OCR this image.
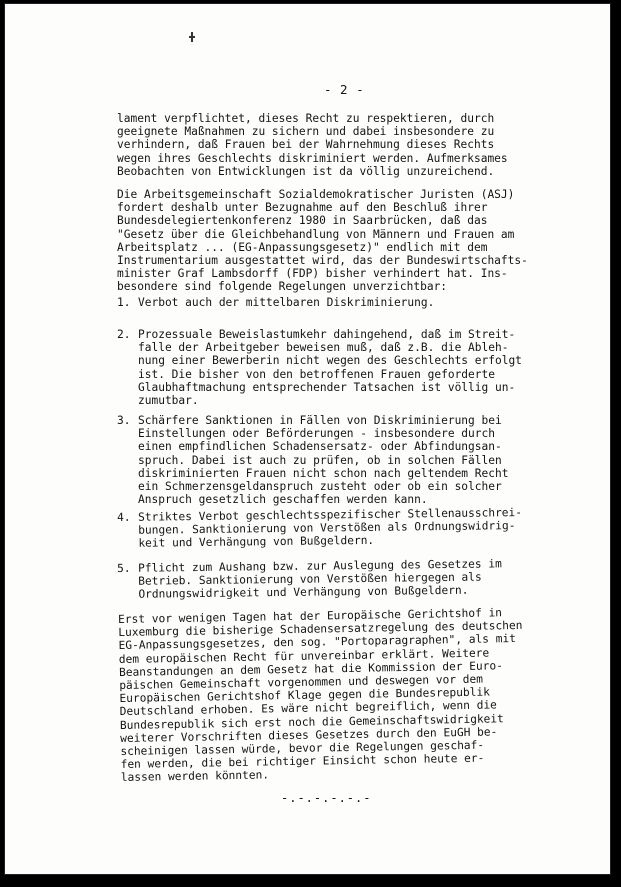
- 2 -

lament verpflichtet, dieses Recht zu respektieren, durch
geeignete Maßnahmen zu sichern und dabei insbesondere zu
verhindern, daß Frauen bei der Wahrnehmung dieses Rechts
wegen ihres Geschlechts diskriminiert werden. Aufmerksames
Beobachten von Entwicklungen ist da völlig unzureichend.

Die Arbeitsgemeinschaft Sozialdemokratischer Juristen (ASJ)
fordert deshalb unter Bezugnahme auf den Beschluß ihrer
Bundesdelegiertenkonferenz 1980 in Saarbrücken, daß das
"Gesetz über die Gleichbehandlung von Männern und Frauen am
Arbeitsplatz ... (EG-Anpassungsgesetz)" endlich mit dem
Instrumentarium ausgestattet wird, das der Bundeswirtschafts-
minister Graf Lambsdorff (FDP) bisher verhindert hat. Ins-
besondere sind folgende Regelungen unverzichtbar:

1.

Verbot auch der mittelbaren Diskriminierung.

2.

Prozessuale Beweislastumkehr dahingehend, daß im Streit-
falle der Arbeitgeber beweisen muß, daß z.B. die Ableh-
nung einer Bewerberin nicht wegen des Geschlechts erfolgt
ist. Die bisher von den betroffenen Frauen geforderte
Glaubhaftmachung entsprechender Tatsachen ist völlig un-
zumutbar.

3.

Schärfere Sanktionen in Fällen von Diskriminierung bei
Einstellungen oder Beförderungen - insbesondere durch
einen empfindlichen Schadensersatz- oder Abfindungsan-
spruch. Dabei ist auch zu prüfen, ob in solchen Fällen
diskriminierten Frauen nicht schon nach geltendem Recht
ein Schmerzensgeldanspruch zusteht oder ob ein solcher
Anspruch gesetzlich geschaffen werden kann.

4.

Striktes Verbot geschlechtsspezifischer Stellenausschrei-
bungen. Sanktionierung von Verstößen als Ordnungswidrig-
keit und Verhängung von Bußgeldern.

5.

Pflicht zum Aushang bzw. zur Auslegung des Gesetzes im
Betrieb. Sanktionierung von Verstößen hiergegen als
Ordnungswidrigkeit und Verhängung von Bußgeldern.

Erst vor wenigen Tagen hat der Europäische Gerichtshof in
Luxemburg die bisherige Schadensersatzregelung des deutschen
EG-Anpassungsgesetzes, den sog. "Portoparagraphen", als mit
dem europäischen Recht für unvereinbar erklärt. Weitere
Beanstandungen an dem Gesetz hat die Kommission der Euro-
päischen Gemeinschaft vorgenommen und deswegen vor dem
Europäischen Gerichtshof Klage gegen die Bundesrepublik
Deutschland erhoben. Es wäre nicht begreiflich, wenn die
Bundesrepublik sich erst noch die Gemeinschaftswidrigkeit
weiterer Vorschriften dieses Gesetzes durch den EuGH be-
scheinigen lassen würde, bevor die Regelungen geschaf-
fen werden, die bei richtiger Einsicht schon heute er-
lassen werden könnten.

-.-.-.-.-.-
